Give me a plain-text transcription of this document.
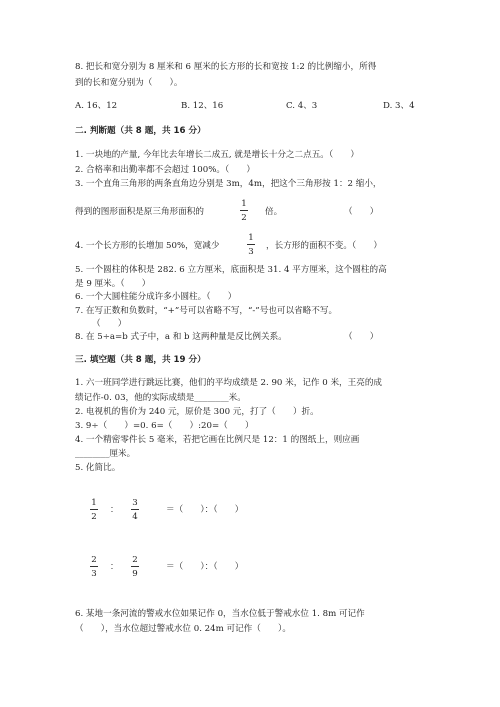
8. 把长和宽分别为 8 厘米和 6 厘米的长方形的长和宽按 1:2 的比例缩小，所得
到的长和宽分别为（　　）。
A. 16、12	B. 12、16	C. 4、3	D. 3、4
二. 判断题（共 8 题，共 16 分）
1. 一块地的产量, 今年比去年增长二成五, 就是增长十分之二点五。（　　）
2. 合格率和出勤率都不会超过 100%。（　　）
3. 一个直角三角形的两条直角边分别是 3m，4m，把这个三角形按 1：2 缩小，
得到的图形面积是原三角形面积的
1
2
倍。	（　　）
4. 一个长方形的长增加 50%，宽减少
1
3
，长方形的面积不变。（　　）
5. 一个圆柱的体积是 282. 6 立方厘米，底面积是 31. 4 平方厘米，这个圆柱的高
是 9 厘米。（　　）
6. 一个大圆柱能分成许多小圆柱。（　　）
7. 在写正数和负数时，“+”号可以省略不写，“-”号也可以省略不写。
（　　）
8. 在 5÷a=b 式子中，a 和 b 这两种量是反比例关系。	（　　）
三. 填空题（共 8 题，共 19 分）
1. 六一班同学进行跳远比赛，他们的平均成绩是 2. 90 米，记作 0 米，王亮的成
绩记作-0. 03，他的实际成绩是________米。
2. 电视机的售价为 240 元，原价是 300 元，打了（　　）折。
3. 9÷（　　）=0. 6=（　　）:20=（　　）
4. 一个精密零件长 5 毫米，若把它画在比例尺是 12：1 的图纸上，则应画
________厘米。
5. 化简比。
1
2
：
3
4
＝（　　）：（　　）
2
3
：
2
9
＝（　　）：（　　）
6. 某地一条河流的警戒水位如果记作 0，当水位低于警戒水位 1. 8m 可记作
（　　），当水位超过警戒水位 0. 24m 可记作（　　）。
